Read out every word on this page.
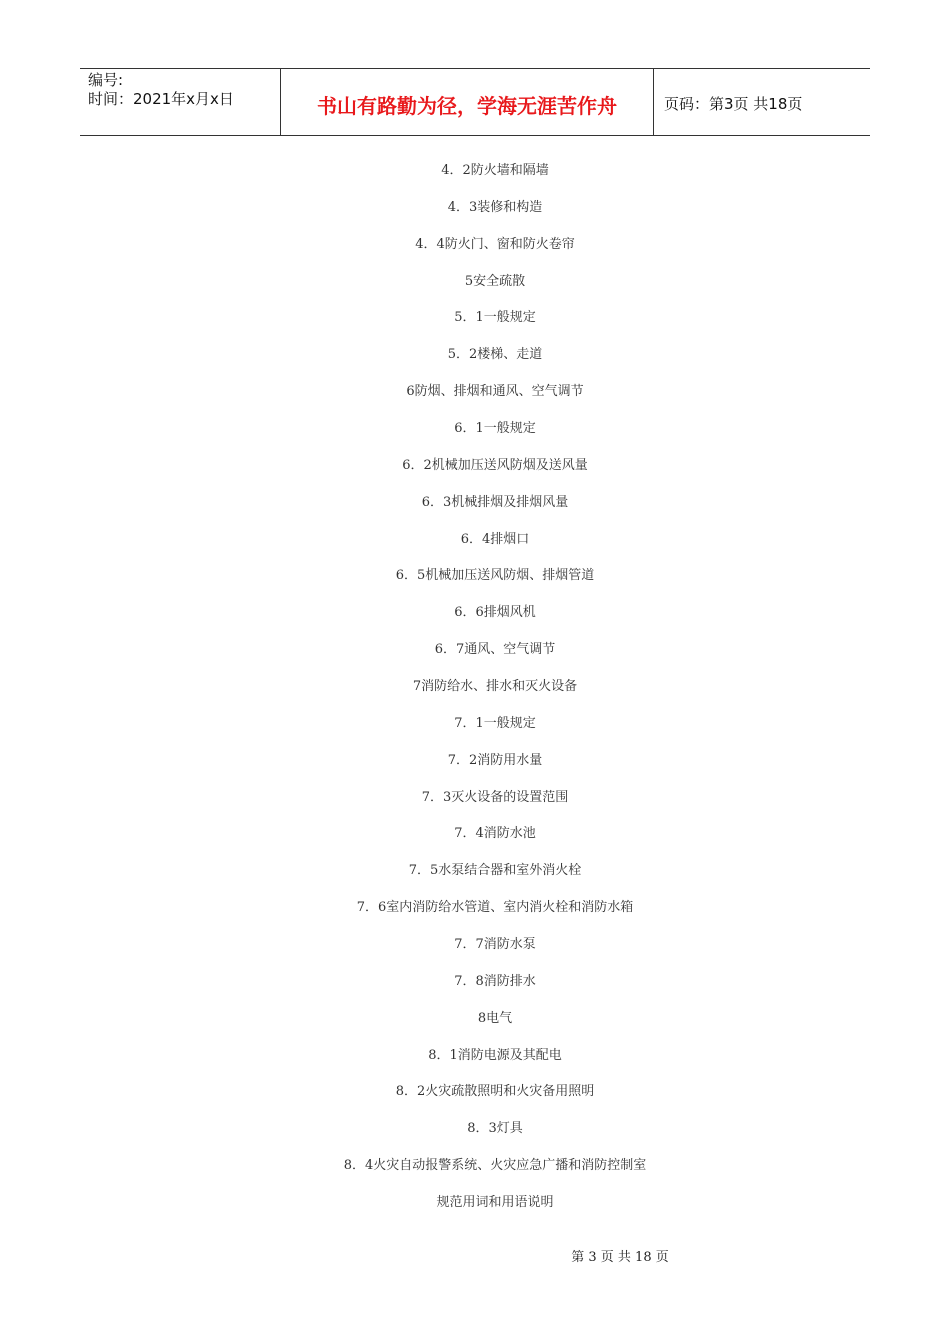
编号:
时间：2021年x月x日	书山有路勤为径，学海无涯苦作舟	页码：第3页 共18页
4．2防火墙和隔墙
4．3装修和构造
4．4防火门、窗和防火卷帘
5安全疏散
5．1一般规定
5．2楼梯、走道
6防烟、排烟和通风、空气调节
6．1一般规定
6．2机械加压送风防烟及送风量
6．3机械排烟及排烟风量
6．4排烟口
6．5机械加压送风防烟、排烟管道
6．6排烟风机
6．7通风、空气调节
7消防给水、排水和灭火设备
7．1一般规定
7．2消防用水量
7．3灭火设备的设置范围
7．4消防水池
7．5水泵结合器和室外消火栓
7．6室内消防给水管道、室内消火栓和消防水箱
7．7消防水泵
7．8消防排水
8电气
8．1消防电源及其配电
8．2火灾疏散照明和火灾备用照明
8．3灯具
8．4火灾自动报警系统、火灾应急广播和消防控制室
规范用词和用语说明
第 3 页 共 18 页
